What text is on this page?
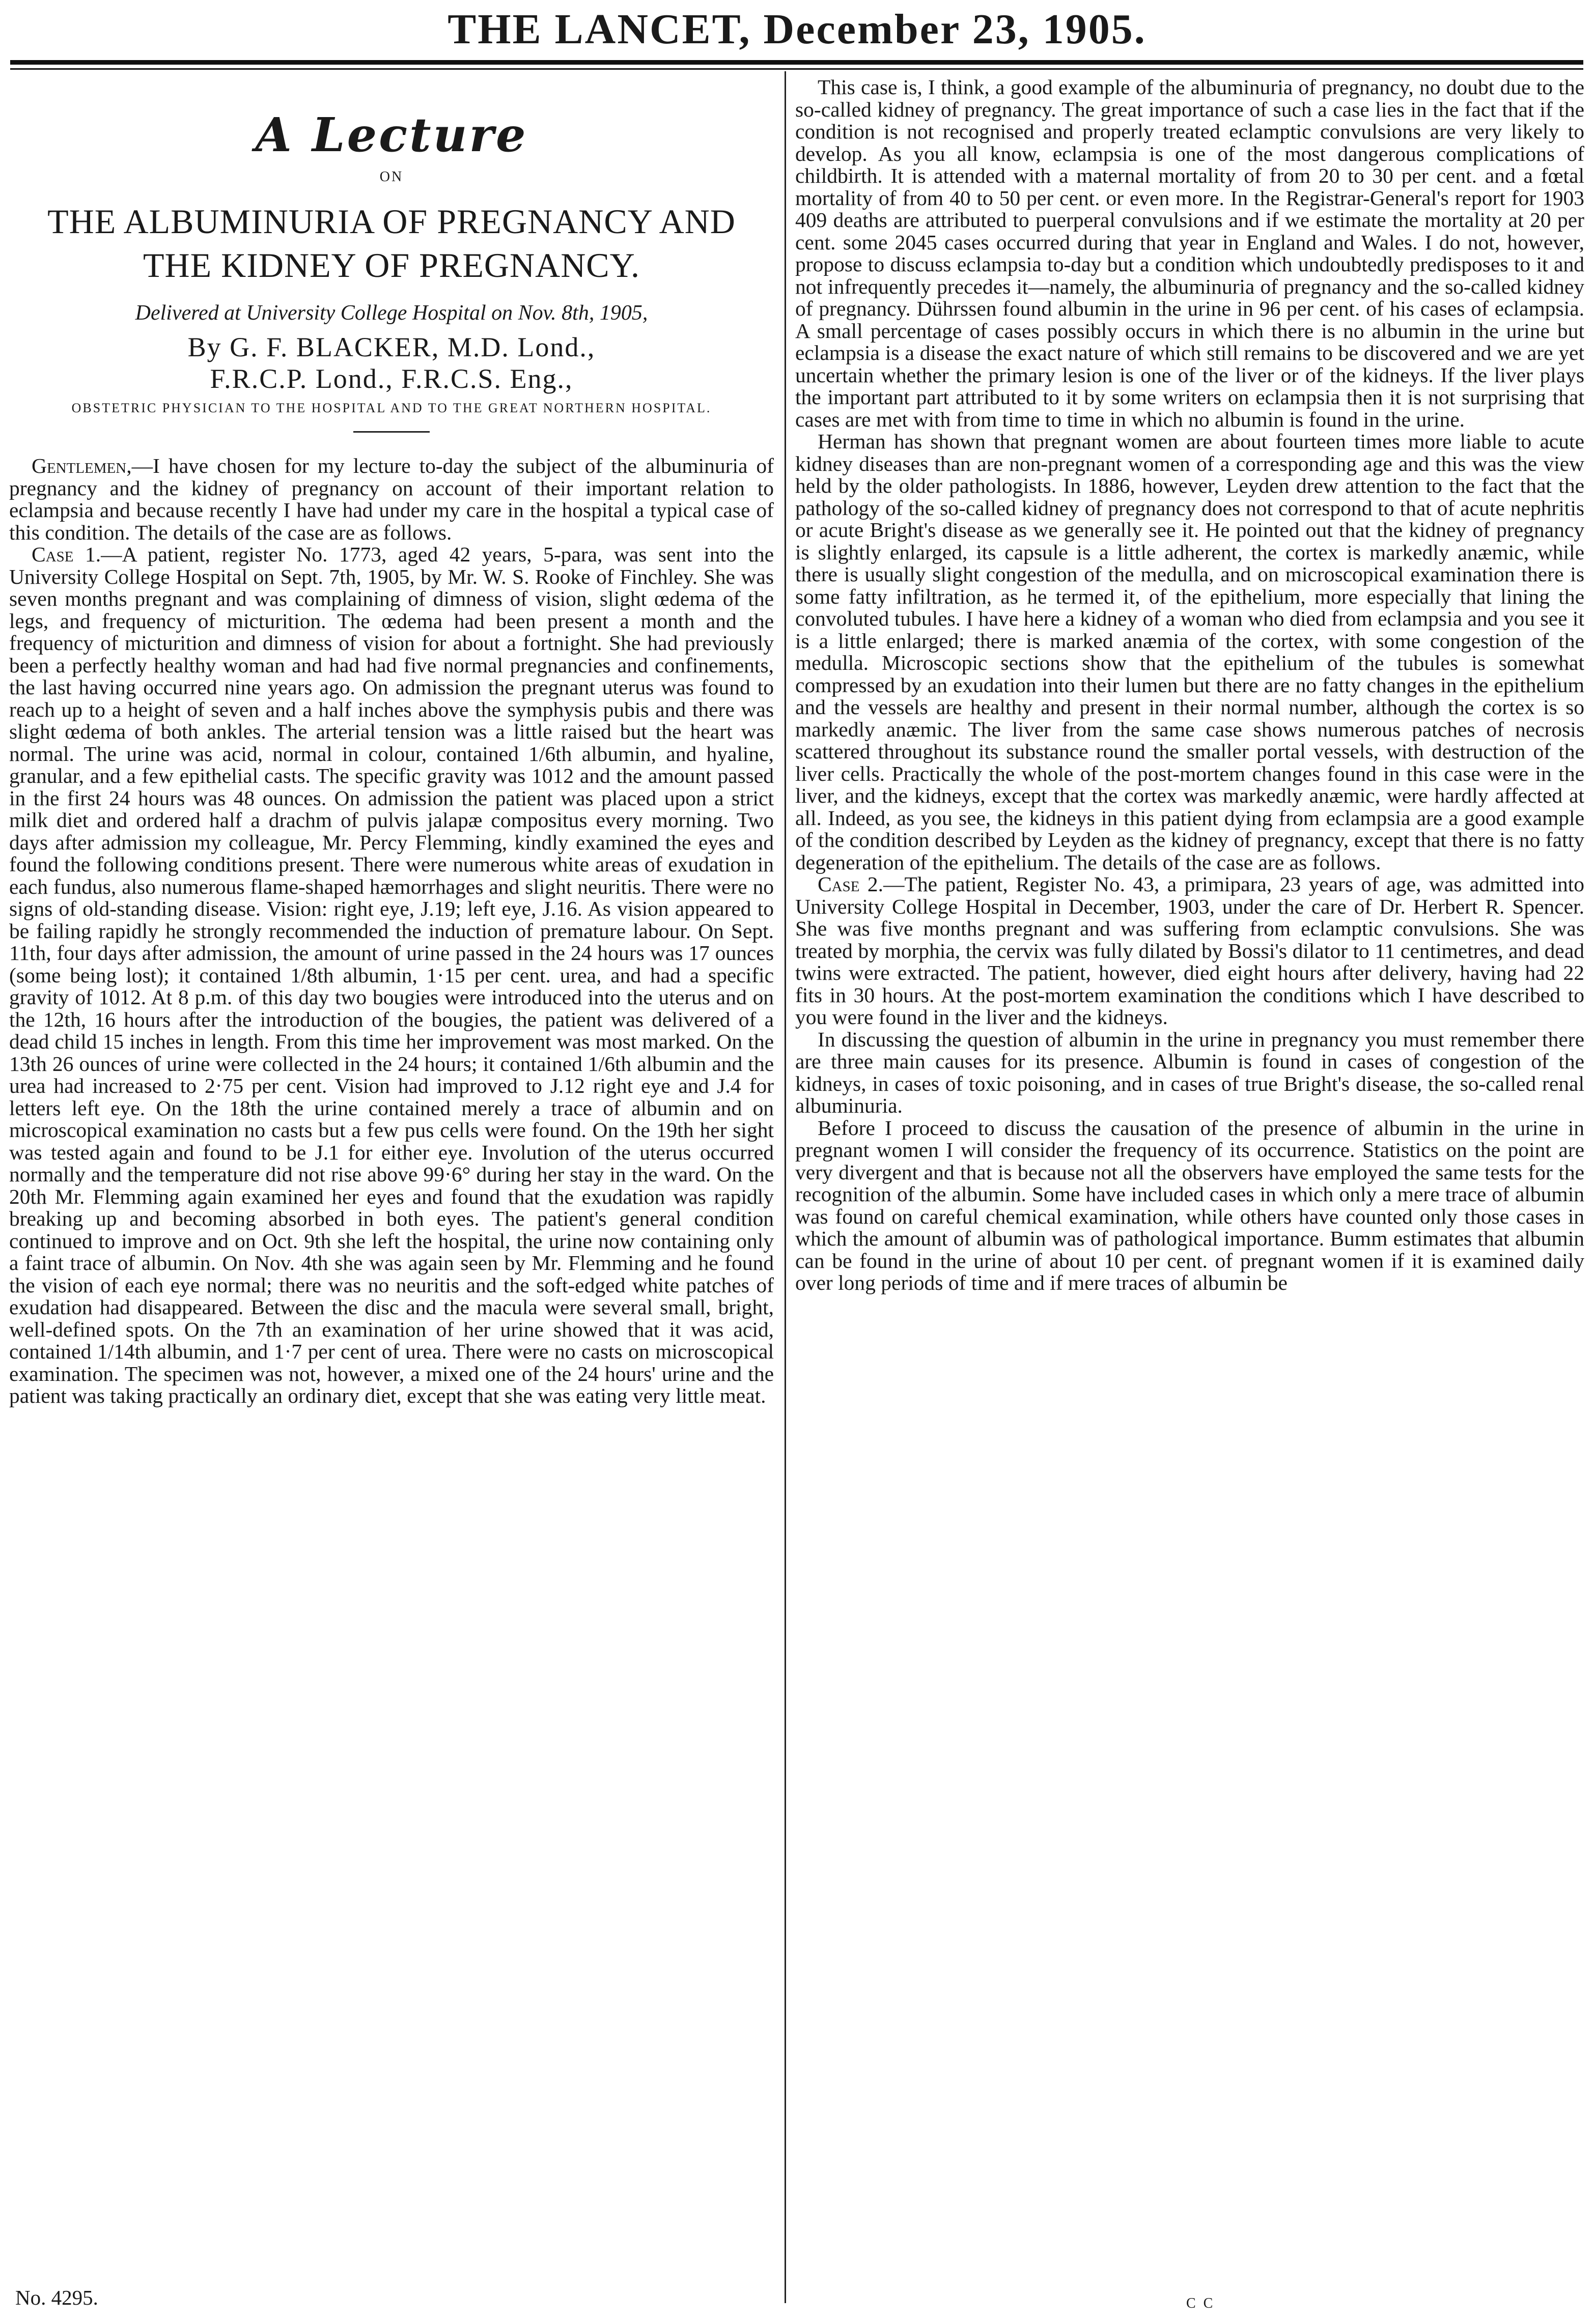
THE LANCET, December 23, 1905.
A Lecture
ON
THE ALBUMINURIA OF PREGNANCY AND THE KIDNEY OF PREGNANCY.
Delivered at University College Hospital on Nov. 8th, 1905,
By G. F. BLACKER, M.D. Lond.,
F.R.C.P. Lond., F.R.C.S. Eng.,
OBSTETRIC PHYSICIAN TO THE HOSPITAL AND TO THE GREAT NORTHERN HOSPITAL.

Gentlemen,—I have chosen for my lecture to-day the subject of the albuminuria of pregnancy and the kidney of pregnancy on account of their important relation to eclampsia and because recently I have had under my care in the hospital a typical case of this condition. The details of the case are as follows.

Case 1.—A patient, register No. 1773, aged 42 years, 5-para, was sent into the University College Hospital on Sept. 7th, 1905, by Mr. W. S. Rooke of Finchley. She was seven months pregnant and was complaining of dimness of vision, slight œdema of the legs, and frequency of micturition. The œdema had been present a month and the frequency of micturition and dimness of vision for about a fortnight. She had previously been a perfectly healthy woman and had had five normal pregnancies and confinements, the last having occurred nine years ago. On admission the pregnant uterus was found to reach up to a height of seven and a half inches above the symphysis pubis and there was slight œdema of both ankles. The arterial tension was a little raised but the heart was normal. The urine was acid, normal in colour, contained 1/6th albumin, and hyaline, granular, and a few epithelial casts. The specific gravity was 1012 and the amount passed in the first 24 hours was 48 ounces. On admission the patient was placed upon a strict milk diet and ordered half a drachm of pulvis jalapæ compositus every morning. Two days after admission my colleague, Mr. Percy Flemming, kindly examined the eyes and found the following conditions present. There were numerous white areas of exudation in each fundus, also numerous flame-shaped hæmorrhages and slight neuritis. There were no signs of old-standing disease. Vision: right eye, J.19; left eye, J.16. As vision appeared to be failing rapidly he strongly recommended the induction of premature labour. On Sept. 11th, four days after admission, the amount of urine passed in the 24 hours was 17 ounces (some being lost); it contained 1/8th albumin, 1·15 per cent. urea, and had a specific gravity of 1012. At 8 p.m. of this day two bougies were introduced into the uterus and on the 12th, 16 hours after the introduction of the bougies, the patient was delivered of a dead child 15 inches in length. From this time her improvement was most marked. On the 13th 26 ounces of urine were collected in the 24 hours; it contained 1/6th albumin and the urea had increased to 2·75 per cent. Vision had improved to J.12 right eye and J.4 for letters left eye. On the 18th the urine contained merely a trace of albumin and on microscopical examination no casts but a few pus cells were found. On the 19th her sight was tested again and found to be J.1 for either eye. Involution of the uterus occurred normally and the temperature did not rise above 99·6° during her stay in the ward. On the 20th Mr. Flemming again examined her eyes and found that the exudation was rapidly breaking up and becoming absorbed in both eyes. The patient's general condition continued to improve and on Oct. 9th she left the hospital, the urine now containing only a faint trace of albumin. On Nov. 4th she was again seen by Mr. Flemming and he found the vision of each eye normal; there was no neuritis and the soft-edged white patches of exudation had disappeared. Between the disc and the macula were several small, bright, well-defined spots. On the 7th an examination of her urine showed that it was acid, contained 1/14th albumin, and 1·7 per cent of urea. There were no casts on microscopical examination. The specimen was not, however, a mixed one of the 24 hours' urine and the patient was taking practically an ordinary diet, except that she was eating very little meat.

This case is, I think, a good example of the albuminuria of pregnancy, no doubt due to the so-called kidney of pregnancy. The great importance of such a case lies in the fact that if the condition is not recognised and properly treated eclamptic convulsions are very likely to develop. As you all know, eclampsia is one of the most dangerous complications of childbirth. It is attended with a maternal mortality of from 20 to 30 per cent. and a fœtal mortality of from 40 to 50 per cent. or even more. In the Registrar-General's report for 1903 409 deaths are attributed to puerperal convulsions and if we estimate the mortality at 20 per cent. some 2045 cases occurred during that year in England and Wales. I do not, however, propose to discuss eclampsia to-day but a condition which undoubtedly predisposes to it and not infrequently precedes it—namely, the albuminuria of pregnancy and the so-called kidney of pregnancy. Dührssen found albumin in the urine in 96 per cent. of his cases of eclampsia. A small percentage of cases possibly occurs in which there is no albumin in the urine but eclampsia is a disease the exact nature of which still remains to be discovered and we are yet uncertain whether the primary lesion is one of the liver or of the kidneys. If the liver plays the important part attributed to it by some writers on eclampsia then it is not surprising that cases are met with from time to time in which no albumin is found in the urine.

Herman has shown that pregnant women are about fourteen times more liable to acute kidney diseases than are non-pregnant women of a corresponding age and this was the view held by the older pathologists. In 1886, however, Leyden drew attention to the fact that the pathology of the so-called kidney of pregnancy does not correspond to that of acute nephritis or acute Bright's disease as we generally see it. He pointed out that the kidney of pregnancy is slightly enlarged, its capsule is a little adherent, the cortex is markedly anæmic, while there is usually slight congestion of the medulla, and on microscopical examination there is some fatty infiltration, as he termed it, of the epithelium, more especially that lining the convoluted tubules. I have here a kidney of a woman who died from eclampsia and you see it is a little enlarged; there is marked anæmia of the cortex, with some congestion of the medulla. Microscopic sections show that the epithelium of the tubules is somewhat compressed by an exudation into their lumen but there are no fatty changes in the epithelium and the vessels are healthy and present in their normal number, although the cortex is so markedly anæmic. The liver from the same case shows numerous patches of necrosis scattered throughout its substance round the smaller portal vessels, with destruction of the liver cells. Practically the whole of the post-mortem changes found in this case were in the liver, and the kidneys, except that the cortex was markedly anæmic, were hardly affected at all. Indeed, as you see, the kidneys in this patient dying from eclampsia are a good example of the condition described by Leyden as the kidney of pregnancy, except that there is no fatty degeneration of the epithelium. The details of the case are as follows.

Case 2.—The patient, Register No. 43, a primipara, 23 years of age, was admitted into University College Hospital in December, 1903, under the care of Dr. Herbert R. Spencer. She was five months pregnant and was suffering from eclamptic convulsions. She was treated by morphia, the cervix was fully dilated by Bossi's dilator to 11 centimetres, and dead twins were extracted. The patient, however, died eight hours after delivery, having had 22 fits in 30 hours. At the post-mortem examination the conditions which I have described to you were found in the liver and the kidneys.

In discussing the question of albumin in the urine in pregnancy you must remember there are three main causes for its presence. Albumin is found in cases of congestion of the kidneys, in cases of toxic poisoning, and in cases of true Bright's disease, the so-called renal albuminuria.

Before I proceed to discuss the causation of the presence of albumin in the urine in pregnant women I will consider the frequency of its occurrence. Statistics on the point are very divergent and that is because not all the observers have employed the same tests for the recognition of the albumin. Some have included cases in which only a mere trace of albumin was found on careful chemical examination, while others have counted only those cases in which the amount of albumin was of pathological importance. Bumm estimates that albumin can be found in the urine of about 10 per cent. of pregnant women if it is examined daily over long periods of time and if mere traces of albumin be

No. 4295.	C C
